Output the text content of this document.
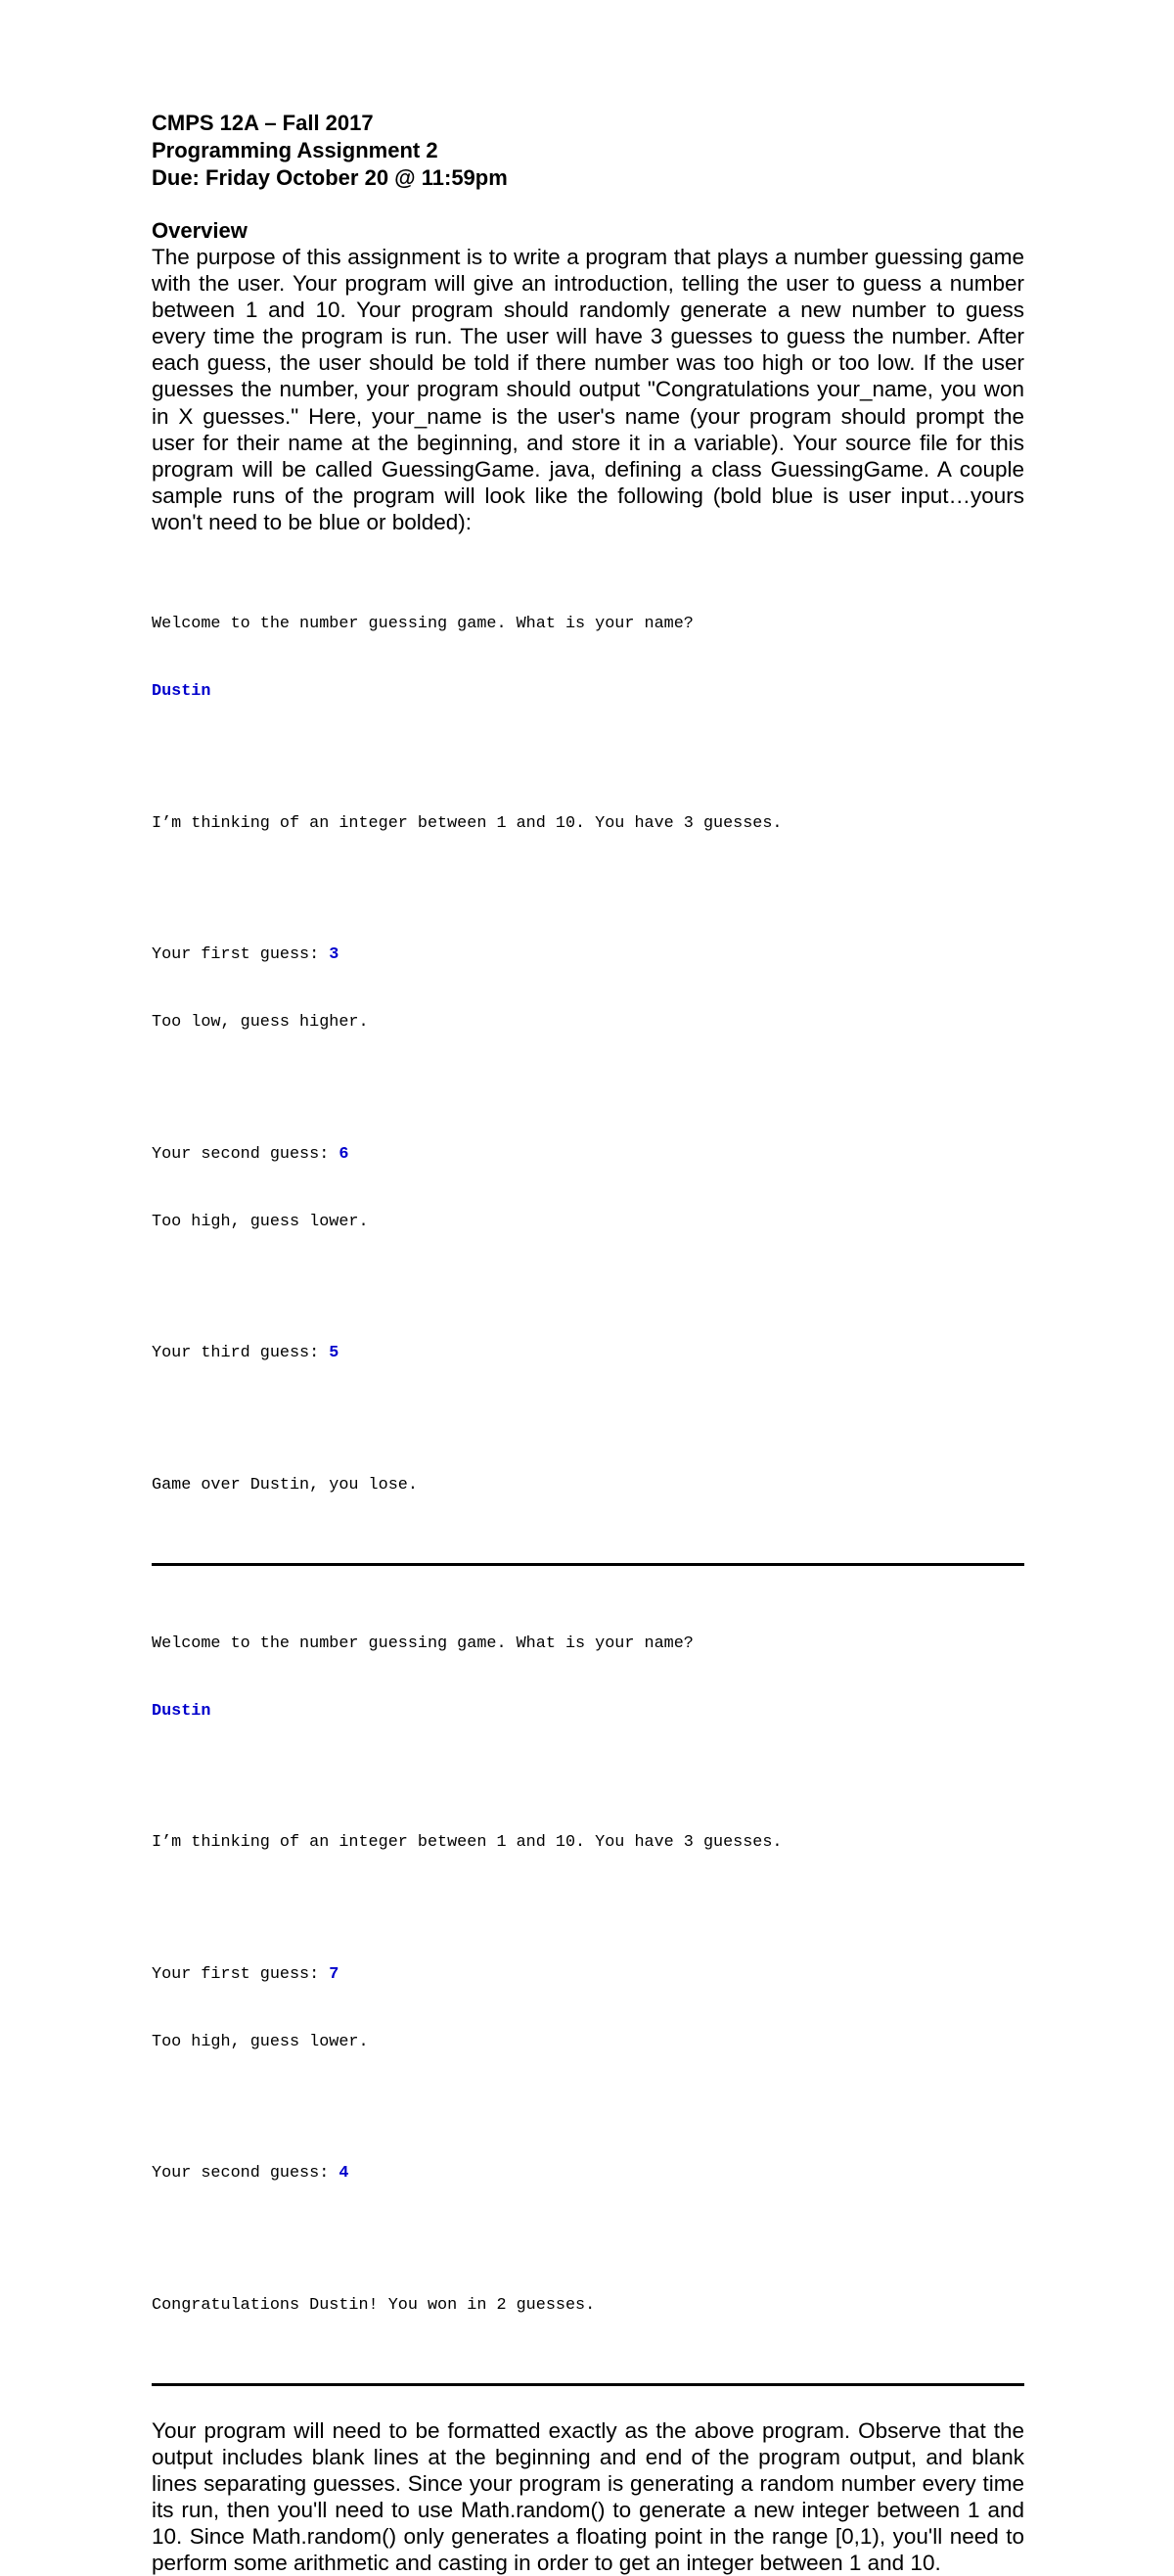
CMPS 12A – Fall 2017

Programming Assignment 2

Due: Friday October 20 @ 11:59pm

Overview

The purpose of this assignment is to write a program that plays a number guessing game with the user. Your program will give an introduction, telling the user to guess a number between 1 and 10. Your program should randomly generate a new number to guess every time the program is run. The user will have 3 guesses to guess the number. After each guess, the user should be told if there number was too high or too low. If the user guesses the number, your program should output "Congratulations your_name, you won in X guesses." Here, your_name is the user's name (your program should prompt the user for their name at the beginning, and store it in a variable). Your source file for this program will be called GuessingGame. java, defining a class GuessingGame. A couple sample runs of the program will look like the following (bold blue is user input…yours won't need to be blue or bolded):

Welcome to the number guessing game. What is your name?

Dustin

I’m thinking of an integer between 1 and 10. You have 3 guesses.

Your first guess: 3

Too low, guess higher.

Your second guess: 6

Too high, guess lower.

Your third guess: 5

Game over Dustin, you lose.

Welcome to the number guessing game. What is your name?

Dustin

I’m thinking of an integer between 1 and 10. You have 3 guesses.

Your first guess: 7

Too high, guess lower.

Your second guess: 4

Congratulations Dustin! You won in 2 guesses.

Your program will need to be formatted exactly as the above program. Observe that the output includes blank lines at the beginning and end of the program output, and blank lines separating guesses. Since your program is generating a random number every time its run, then you'll need to use Math.random() to generate a new integer between 1 and 10. Since Math.random() only generates a floating point in the range [0,1), you'll need to perform some arithmetic and casting in order to get an integer between 1 and 10.
